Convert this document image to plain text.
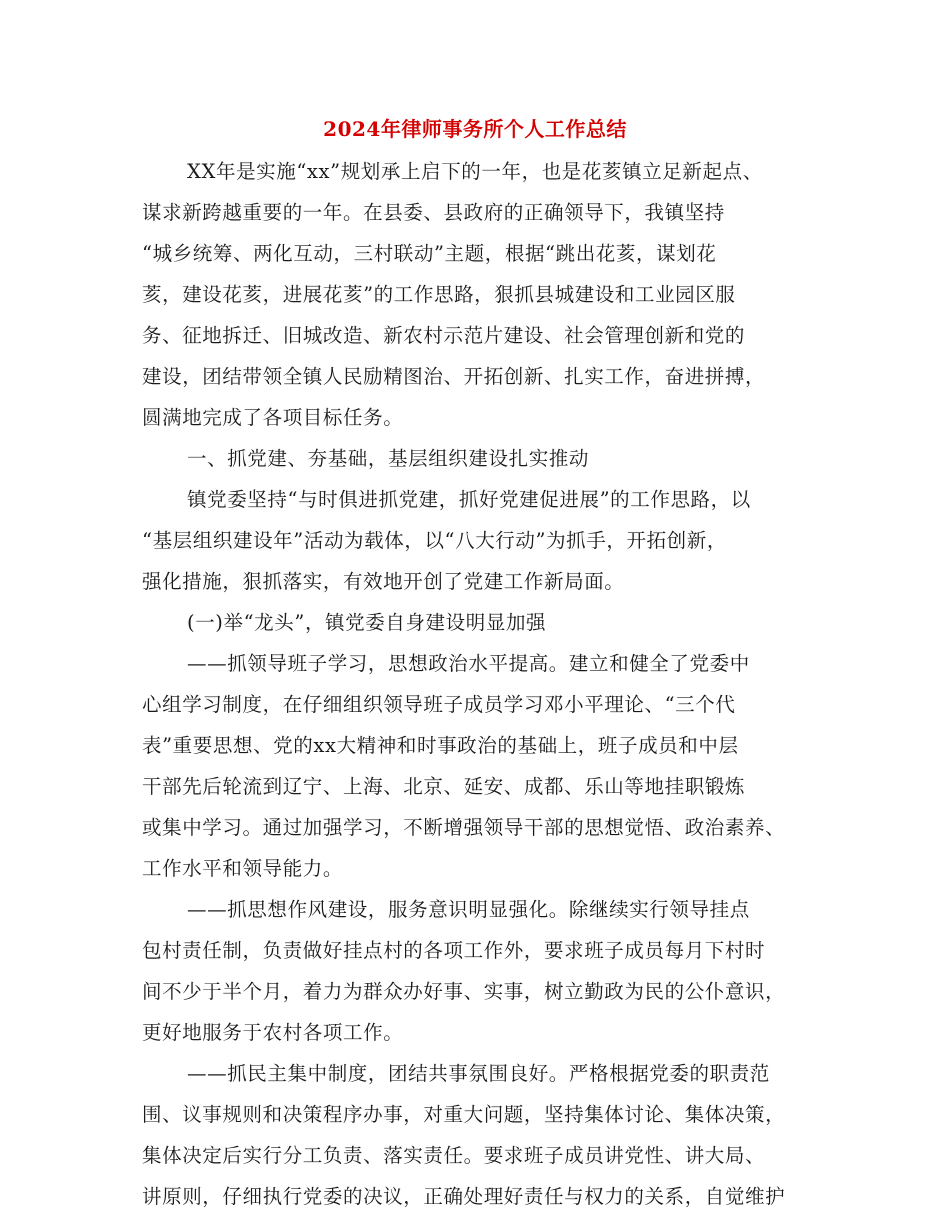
2024年律师事务所个人工作总结
XX年是实施“xx”规划承上启下的一年，也是花荄镇立足新起点、
谋求新跨越重要的一年。在县委、县政府的正确领导下，我镇坚持
“城乡统筹、两化互动，三村联动”主题，根据“跳出花荄，谋划花
荄，建设花荄，进展花荄”的工作思路，狠抓县城建设和工业园区服
务、征地拆迁、旧城改造、新农村示范片建设、社会管理创新和党的
建设，团结带领全镇人民励精图治、开拓创新、扎实工作，奋进拼搏，
圆满地完成了各项目标任务。
一、抓党建、夯基础，基层组织建设扎实推动
镇党委坚持“与时俱进抓党建，抓好党建促进展”的工作思路，以
“基层组织建设年”活动为载体，以“八大行动”为抓手，开拓创新，
强化措施，狠抓落实，有效地开创了党建工作新局面。
(一)举“龙头”，镇党委自身建设明显加强
——抓领导班子学习，思想政治水平提高。建立和健全了党委中
心组学习制度，在仔细组织领导班子成员学习邓小平理论、“三个代
表”重要思想、党的xx大精神和时事政治的基础上，班子成员和中层
干部先后轮流到辽宁、上海、北京、延安、成都、乐山等地挂职锻炼
或集中学习。通过加强学习，不断增强领导干部的思想觉悟、政治素养、
工作水平和领导能力。
——抓思想作风建设，服务意识明显强化。除继续实行领导挂点
包村责任制，负责做好挂点村的各项工作外，要求班子成员每月下村时
间不少于半个月，着力为群众办好事、实事，树立勤政为民的公仆意识，
更好地服务于农村各项工作。
——抓民主集中制度，团结共事氛围良好。严格根据党委的职责范
围、议事规则和决策程序办事，对重大问题，坚持集体讨论、集体决策，
集体决定后实行分工负责、落实责任。要求班子成员讲党性、讲大局、
讲原则，仔细执行党委的决议，正确处理好责任与权力的关系，自觉维护
